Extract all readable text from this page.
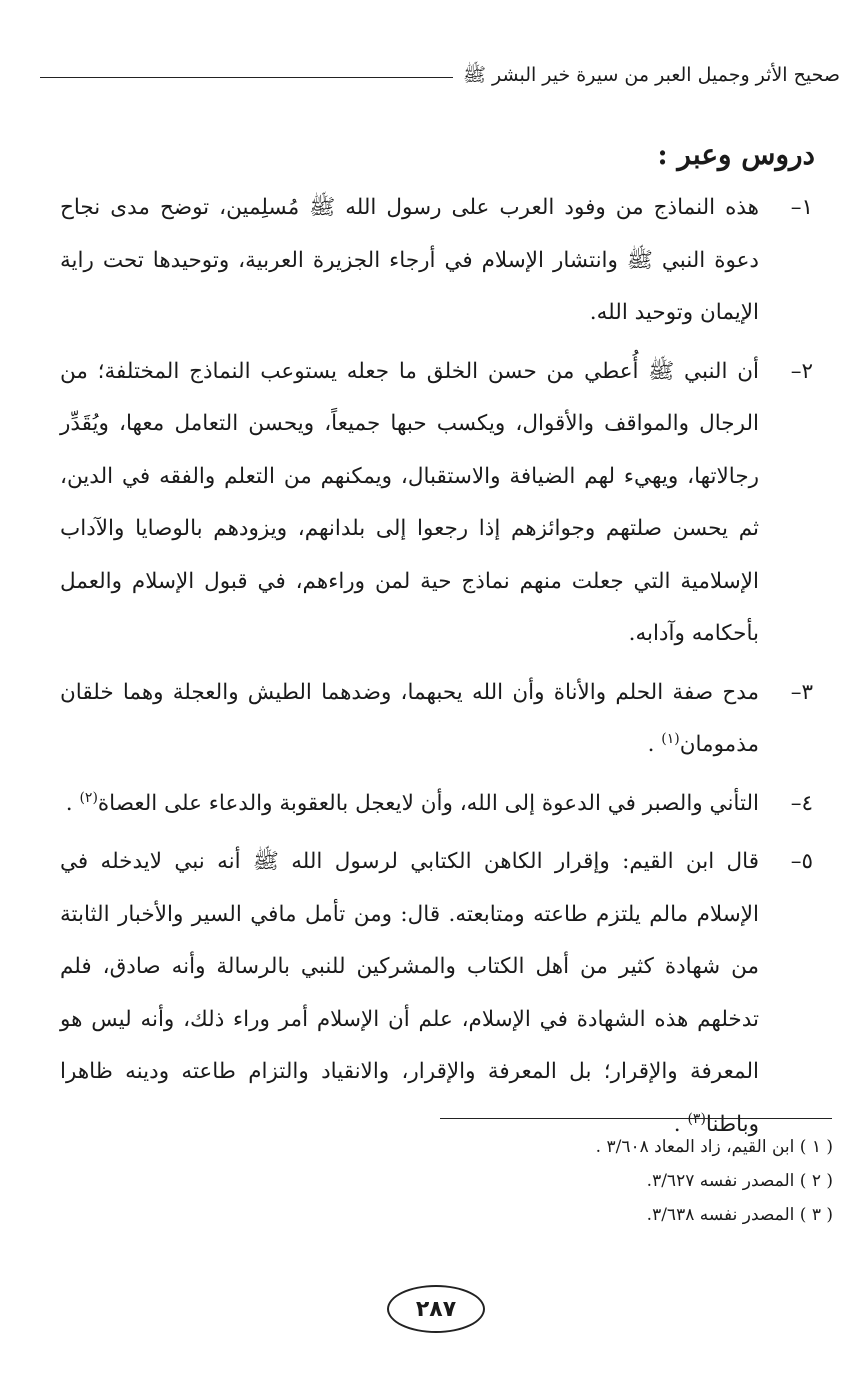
صحيح الأثر وجميل العبر من سيرة خير البشر ﷺ
دروس وعبر :
١–
هذه النماذج من وفود العرب على رسول الله ﷺ مُسلِمين، توضح مدى نجاح دعوة النبي ﷺ وانتشار الإسلام في أرجاء الجزيرة العربية، وتوحيدها تحت راية الإيمان وتوحيد الله.
٢–
أن النبي ﷺ أُعطي من حسن الخلق ما جعله يستوعب النماذج المختلفة؛ من الرجال والمواقف والأقوال، ويكسب حبها جميعاً، ويحسن التعامل معها، ويُقَدِّر رجالاتها، ويهيء لهم الضيافة والاستقبال، ويمكنهم من التعلم والفقه في الدين، ثم يحسن صلتهم وجوائزهم إذا رجعوا إلى بلدانهم، ويزودهم بالوصايا والآداب الإسلامية التي جعلت منهم نماذج حية لمن وراءهم، في قبول الإسلام والعمل بأحكامه وآدابه.
٣–
مدح صفة الحلم والأناة وأن الله يحبهما، وضدهما الطيش والعجلة وهما خلقان مذمومان$^{(١)}$ .
٤–
التأني والصبر في الدعوة إلى الله، وأن لايعجل بالعقوبة والدعاء على العصاة$^{(٢)}$ .
٥–
قال ابن القيم: وإقرار الكاهن الكتابي لرسول الله ﷺ أنه نبي لايدخله في الإسلام مالم يلتزم طاعته ومتابعته. قال: ومن تأمل مافي السير والأخبار الثابتة من شهادة كثير من أهل الكتاب والمشركين للنبي بالرسالة وأنه صادق، فلم تدخلهم هذه الشهادة في الإسلام، علم أن الإسلام أمر وراء ذلك، وأنه ليس هو المعرفة والإقرار؛ بل المعرفة والإقرار، والانقياد والتزام طاعته ودينه ظاهرا وباطنا$^{(٣)}$ .

( ١ ) ابن القيم، زاد المعاد ٣/٦٠٨ .

( ٢ ) المصدر نفسه ٣/٦٢٧.

( ٣ ) المصدر نفسه ٣/٦٣٨.

٢٨٧
